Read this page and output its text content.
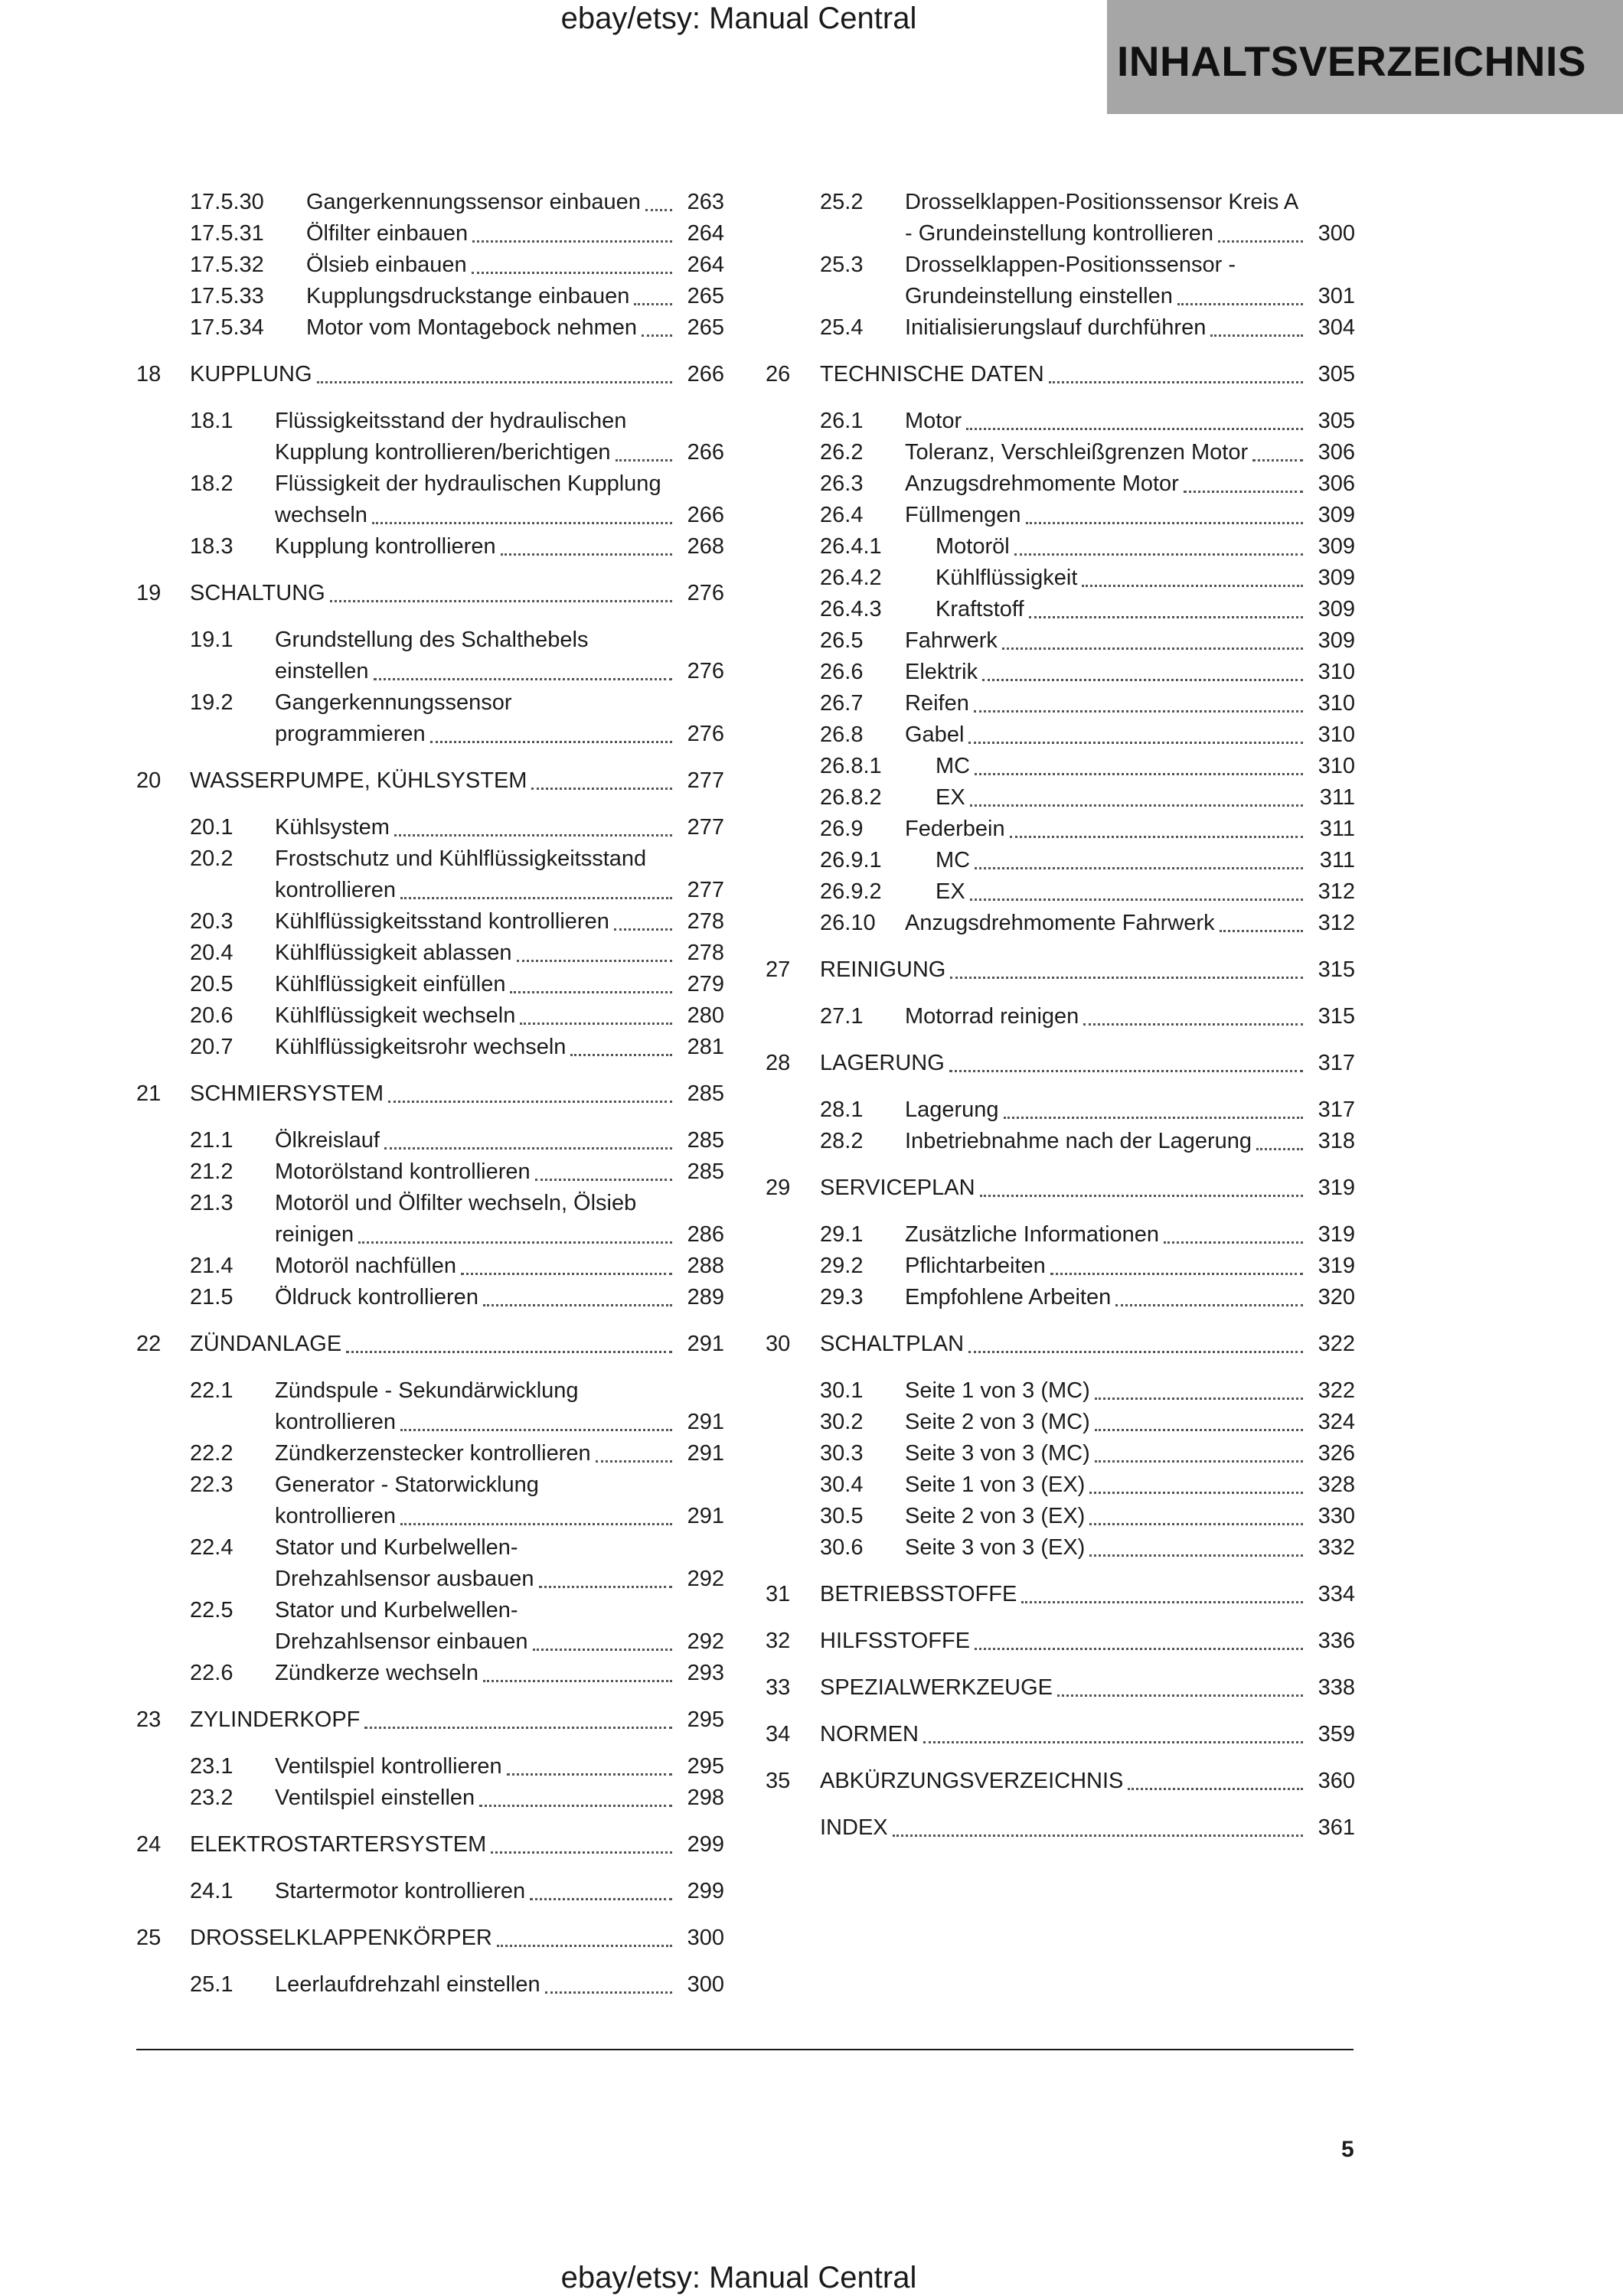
ebay/etsy: Manual Central
INHALTSVERZEICHNIS
17.5.30 Gangerkennungssensor einbauen 263
17.5.31 Ölfilter einbauen	264
17.5.32 Ölsieb einbauen	264
17.5.33 Kupplungsdruckstange einbauen	265
17.5.34 Motor vom Montagebock nehmen 265
18 KUPPLUNG	266
18.1 Flüssigkeitsstand der hydraulischen
Kupplung kontrollieren/berichtigen	266
18.2 Flüssigkeit der hydraulischen Kupplung
wechseln	266
18.3 Kupplung kontrollieren	268
19 SCHALTUNG	276
19.1 Grundstellung des Schalthebels
einstellen	276
19.2 Gangerkennungssensor
programmieren	276
20 WASSERPUMPE, KÜHLSYSTEM	277
20.1 Kühlsystem	277
20.2 Frostschutz und Kühlflüssigkeitsstand
kontrollieren	277
20.3 Kühlflüssigkeitsstand kontrollieren	278
20.4 Kühlflüssigkeit ablassen	278
20.5 Kühlflüssigkeit einfüllen	279
20.6 Kühlflüssigkeit wechseln	280
20.7 Kühlflüssigkeitsrohr wechseln	281
21 SCHMIERSYSTEM	285
21.1 Ölkreislauf	285
21.2 Motorölstand kontrollieren	285
21.3 Motoröl und Ölfilter wechseln, Ölsieb
reinigen	286
21.4 Motoröl nachfüllen	288
21.5 Öldruck kontrollieren	289
22 ZÜNDANLAGE	291
22.1 Zündspule - Sekundärwicklung
kontrollieren	291
22.2 Zündkerzenstecker kontrollieren	291
22.3 Generator - Statorwicklung
kontrollieren	291
22.4 Stator und Kurbelwellen-
Drehzahlsensor ausbauen	292
22.5 Stator und Kurbelwellen-
Drehzahlsensor einbauen	292
22.6 Zündkerze wechseln	293
23 ZYLINDERKOPF	295
23.1 Ventilspiel kontrollieren	295
23.2 Ventilspiel einstellen	298
24 ELEKTROSTARTERSYSTEM	299
24.1 Startermotor kontrollieren	299
25 DROSSELKLAPPENKÖRPER	300
25.1 Leerlaufdrehzahl einstellen	300
25.2 Drosselklappen-Positionssensor Kreis A
- Grundeinstellung kontrollieren	300
25.3 Drosselklappen-Positionssensor -
Grundeinstellung einstellen	301
25.4 Initialisierungslauf durchführen	304
26 TECHNISCHE DATEN	305
26.1 Motor	305
26.2 Toleranz, Verschleißgrenzen Motor	306
26.3 Anzugsdrehmomente Motor	306
26.4 Füllmengen	309
26.4.1 Motoröl	309
26.4.2 Kühlflüssigkeit	309
26.4.3 Kraftstoff	309
26.5 Fahrwerk	309
26.6 Elektrik	310
26.7 Reifen	310
26.8 Gabel	310
26.8.1 MC	310
26.8.2 EX	311
26.9 Federbein	311
26.9.1 MC	311
26.9.2 EX	312
26.10 Anzugsdrehmomente Fahrwerk	312
27 REINIGUNG	315
27.1 Motorrad reinigen	315
28 LAGERUNG	317
28.1 Lagerung	317
28.2 Inbetriebnahme nach der Lagerung	318
29 SERVICEPLAN	319
29.1 Zusätzliche Informationen	319
29.2 Pflichtarbeiten	319
29.3 Empfohlene Arbeiten	320
30 SCHALTPLAN	322
30.1 Seite 1 von 3 (MC)	322
30.2 Seite 2 von 3 (MC)	324
30.3 Seite 3 von 3 (MC)	326
30.4 Seite 1 von 3 (EX)	328
30.5 Seite 2 von 3 (EX)	330
30.6 Seite 3 von 3 (EX)	332
31 BETRIEBSSTOFFE	334
32 HILFSSTOFFE	336
33 SPEZIALWERKZEUGE	338
34 NORMEN	359
35 ABKÜRZUNGSVERZEICHNIS	360
INDEX	361
5
ebay/etsy: Manual Central
